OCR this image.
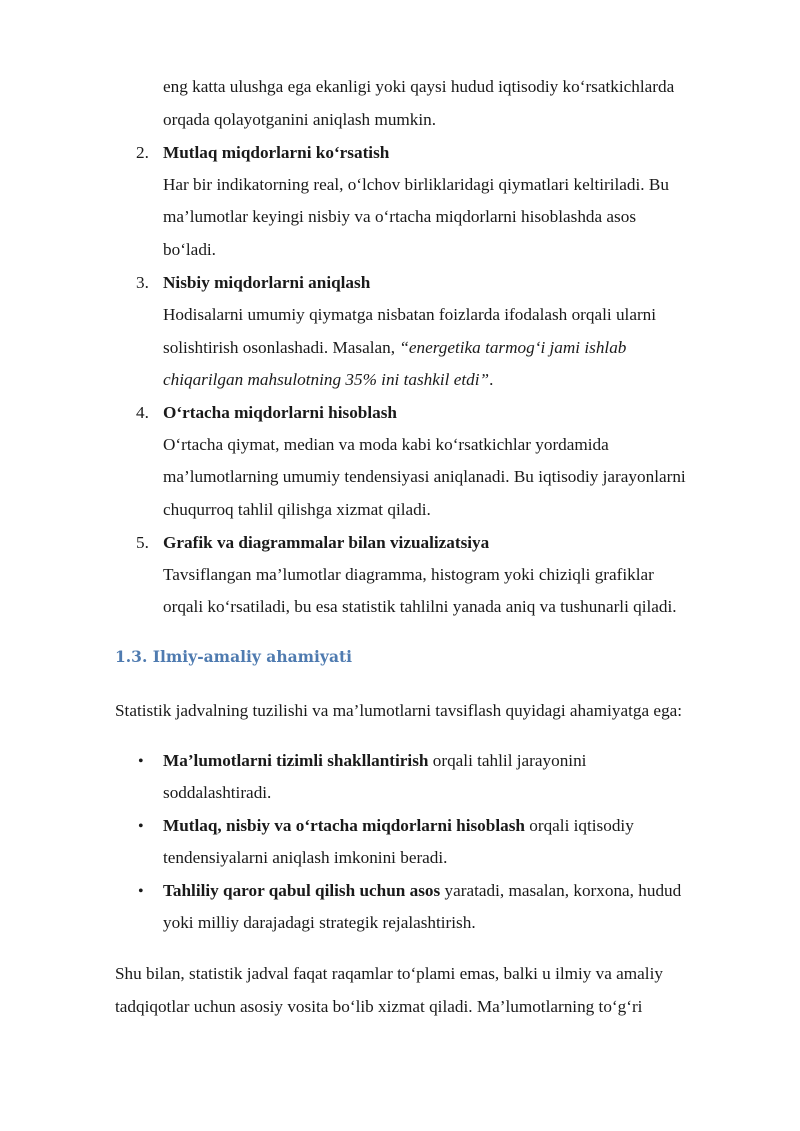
eng katta ulushga ega ekanligi yoki qaysi hudud iqtisodiy ko‘rsatkichlarda
orqada qolayotganini aniqlash mumkin.
2. Mutlaq miqdorlarni ko‘rsatish
Har bir indikatorning real, o‘lchov birliklaridagi qiymatlari keltiriladi. Bu
ma’lumotlar keyingi nisbiy va o‘rtacha miqdorlarni hisoblashda asos
bo‘ladi.
3. Nisbiy miqdorlarni aniqlash
Hodisalarni umumiy qiymatga nisbatan foizlarda ifodalash orqali ularni
solishtirish osonlashadi. Masalan, “energetika tarmog‘i jami ishlab
chiqarilgan mahsulotning 35% ini tashkil etdi”.
4. O‘rtacha miqdorlarni hisoblash
O‘rtacha qiymat, median va moda kabi ko‘rsatkichlar yordamida
ma’lumotlarning umumiy tendensiyasi aniqlanadi. Bu iqtisodiy jarayonlarni
chuqurroq tahlil qilishga xizmat qiladi.
5. Grafik va diagrammalar bilan vizualizatsiya
Tavsiflangan ma’lumotlar diagramma, histogram yoki chiziqli grafiklar
orqali ko‘rsatiladi, bu esa statistik tahlilni yanada aniq va tushunarli qiladi.
1.3. Ilmiy-amaliy ahamiyati
Statistik jadvalning tuzilishi va ma’lumotlarni tavsiflash quyidagi ahamiyatga ega:
• Ma’lumotlarni tizimli shakllantirish orqali tahlil jarayonini
soddalashtiradi.
• Mutlaq, nisbiy va o‘rtacha miqdorlarni hisoblash orqali iqtisodiy
tendensiyalarni aniqlash imkonini beradi.
• Tahliliy qaror qabul qilish uchun asos yaratadi, masalan, korxona, hudud
yoki milliy darajadagi strategik rejalashtirish.
Shu bilan, statistik jadval faqat raqamlar to‘plami emas, balki u ilmiy va amaliy
tadqiqotlar uchun asosiy vosita bo‘lib xizmat qiladi. Ma’lumotlarning to‘g‘ri
